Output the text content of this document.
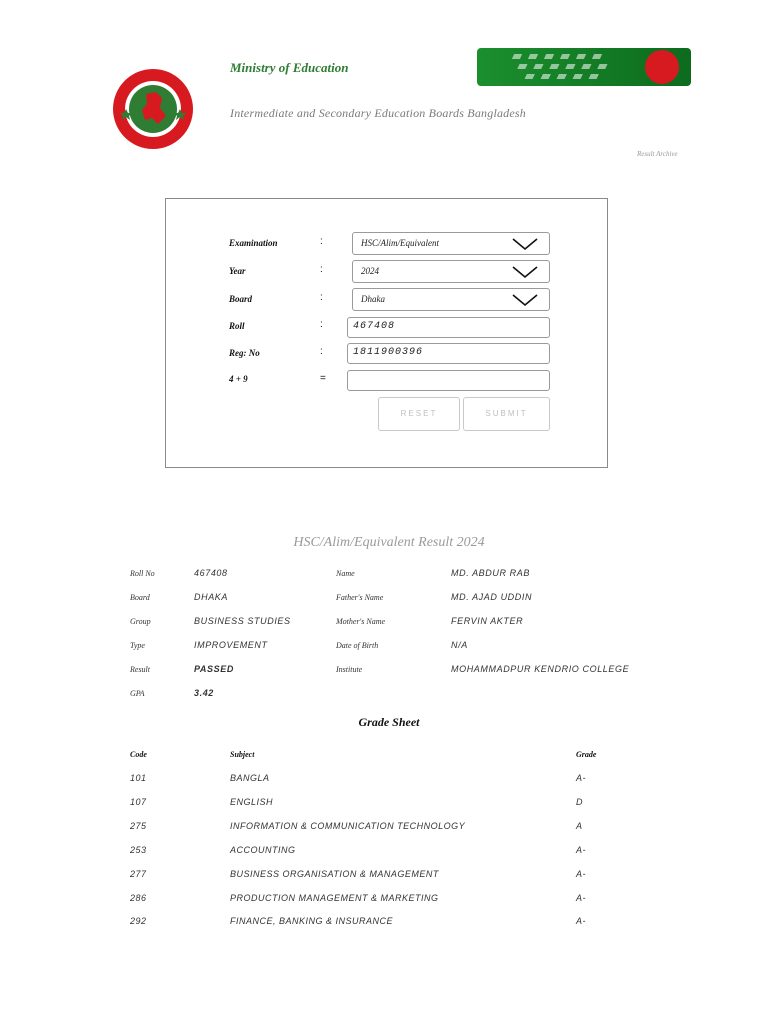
Ministry of Education
Intermediate and Secondary Education Boards Bangladesh
Result Archive
Examination	:	HSC/Alim/Equivalent
Year	:	2024
Board	:	Dhaka
Roll	:	467408
Reg: No	:	1811900396
4 + 9	=
RESET	SUBMIT
HSC/Alim/Equivalent Result 2024
Roll No	467408
Board	DHAKA
Group	BUSINESS STUDIES
Type	IMPROVEMENT
Result	PASSED
GPA	3.42
Name	MD. ABDUR RAB
Father's Name	MD. AJAD UDDIN
Mother's Name	FERVIN AKTER
Date of Birth	N/A
Institute	MOHAMMADPUR KENDRIO COLLEGE
Grade Sheet
Code	Subject	Grade
101	BANGLA	A-
107	ENGLISH	D
275	INFORMATION & COMMUNICATION TECHNOLOGY	A
253	ACCOUNTING	A-
277	BUSINESS ORGANISATION & MANAGEMENT	A-
286	PRODUCTION MANAGEMENT & MARKETING	A-
292	FINANCE, BANKING & INSURANCE	A-
